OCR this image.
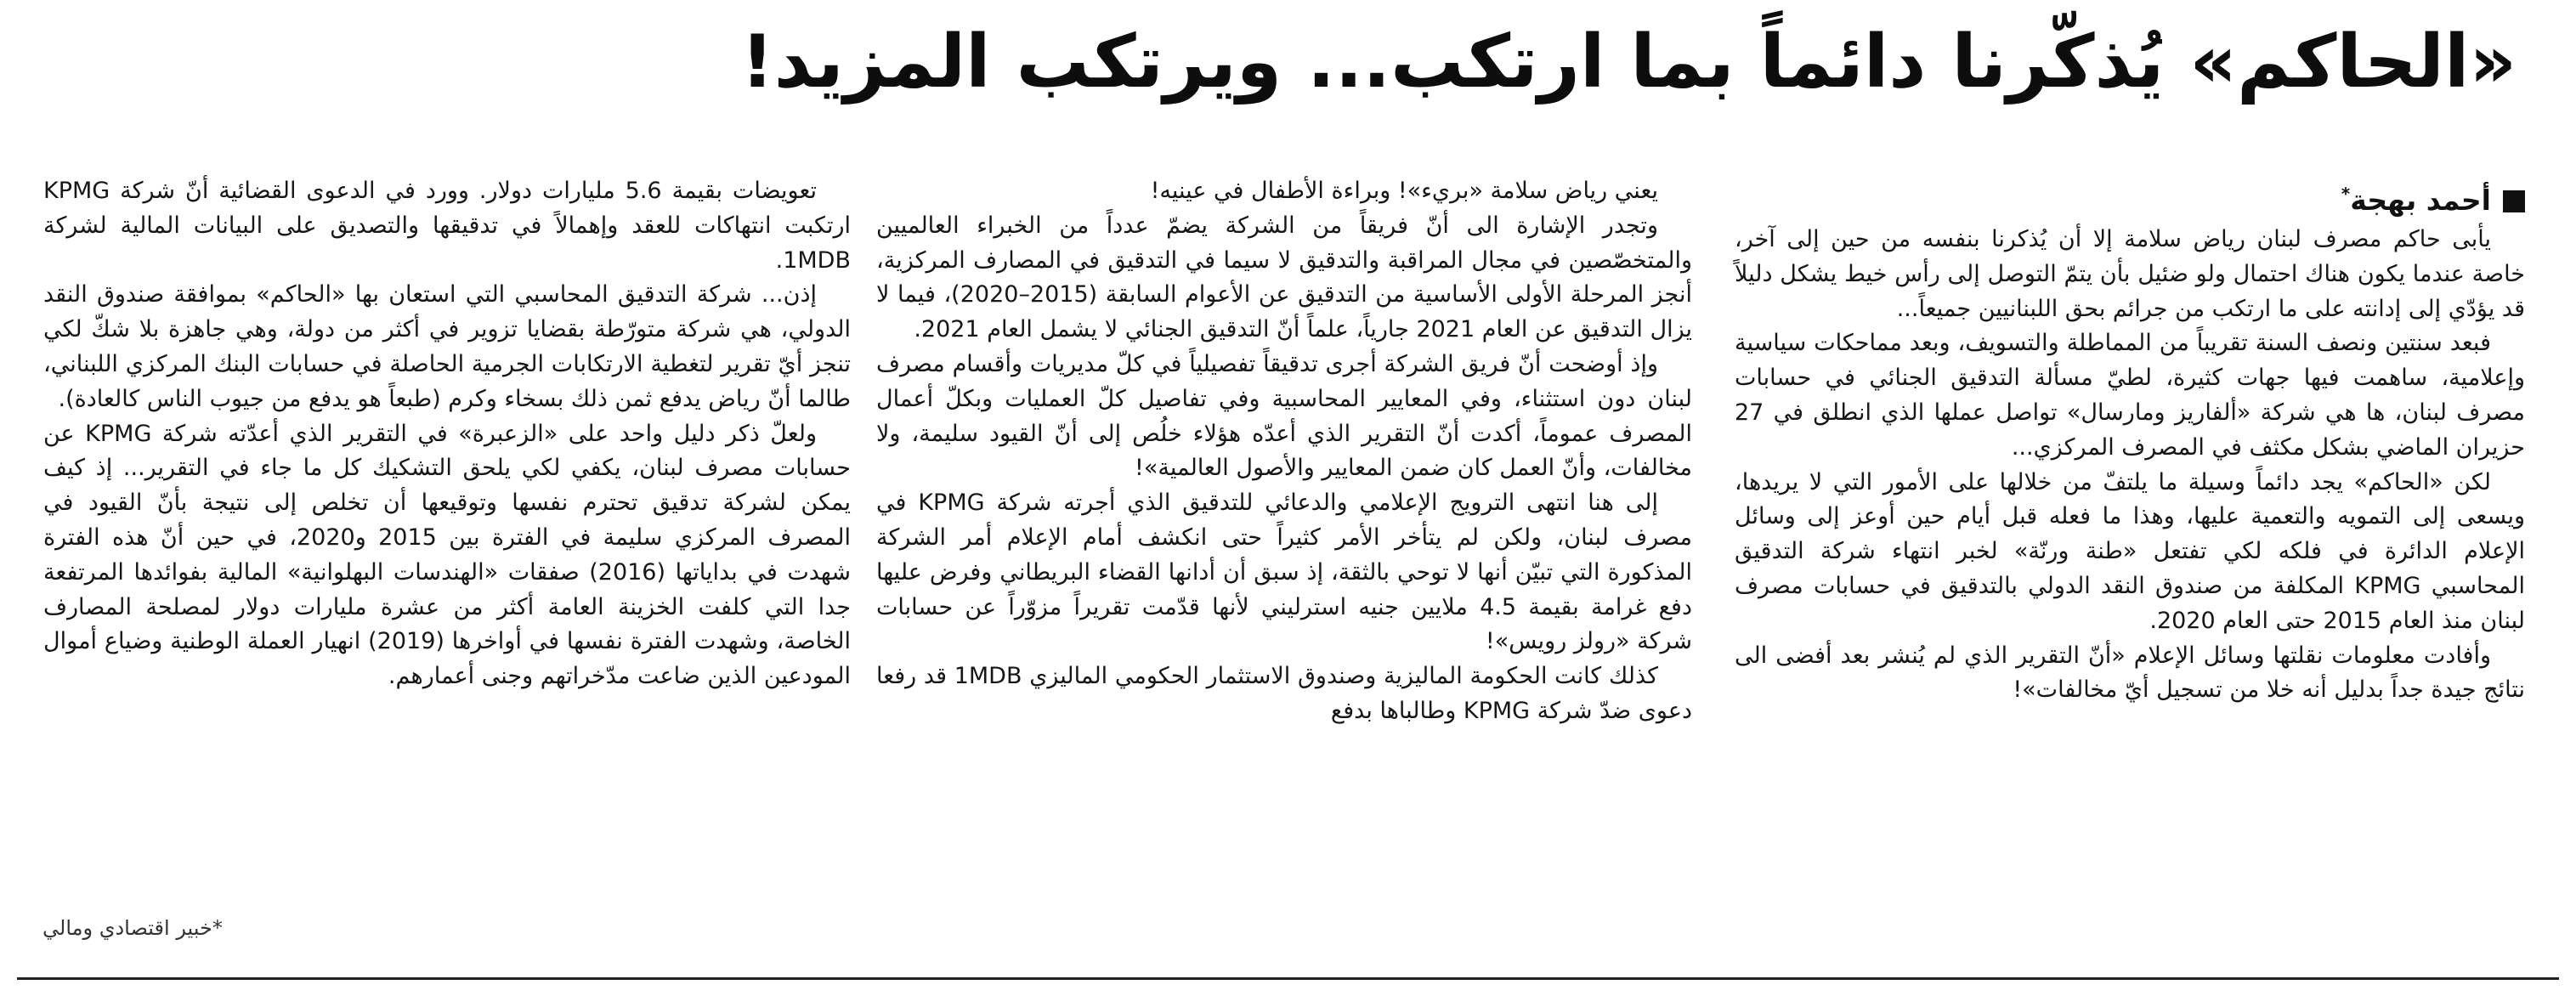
«الحاكم» يُذكّرنا دائماً بما ارتكب... ويرتكب المزيد!
أحمد بهجة*

يأبى حاكم مصرف لبنان رياض سلامة إلا أن يُذكرنا بنفسه من حين إلى آخر، خاصة عندما يكون هناك احتمال ولو ضئيل بأن يتمّ التوصل إلى رأس خيط يشكل دليلاً قد يؤدّي إلى إدانته على ما ارتكب من جرائم بحق اللبنانيين جميعاً...

فبعد سنتين ونصف السنة تقريباً من المماطلة والتسويف، وبعد مماحكات سياسية وإعلامية، ساهمت فيها جهات كثيرة، لطيّ مسألة التدقيق الجنائي في حسابات مصرف لبنان، ها هي شركة «ألفاريز ومارسال» تواصل عملها الذي انطلق في 27 حزيران الماضي بشكل مكثف في المصرف المركزي...

لكن «الحاكم» يجد دائماً وسيلة ما يلتفّ من خلالها على الأمور التي لا يريدها، ويسعى إلى التمويه والتعمية عليها، وهذا ما فعله قبل أيام حين أوعز إلى وسائل الإعلام الدائرة في فلكه لكي تفتعل «طنة ورنّة» لخبر انتهاء شركة التدقيق المحاسبي KPMG المكلفة من صندوق النقد الدولي بالتدقيق في حسابات مصرف لبنان منذ العام 2015 حتى العام 2020.

وأفادت معلومات نقلتها وسائل الإعلام «أنّ التقرير الذي لم يُنشر بعد أفضى الى نتائج جيدة جداً بدليل أنه خلا من تسجيل أيّ مخالفات»!

يعني رياض سلامة «بريء»! وبراءة الأطفال في عينيه!

وتجدر الإشارة الى أنّ فريقاً من الشركة يضمّ عدداً من الخبراء العالميين والمتخصّصين في مجال المراقبة والتدقيق لا سيما في التدقيق في المصارف المركزية، أنجز المرحلة الأولى الأساسية من التدقيق عن الأعوام السابقة (2015–2020)، فيما لا يزال التدقيق عن العام 2021 جارياً، علماً أنّ التدقيق الجنائي لا يشمل العام 2021.

وإذ أوضحت أنّ فريق الشركة أجرى تدقيقاً تفصيلياً في كلّ مديريات وأقسام مصرف لبنان دون استثناء، وفي المعايير المحاسبية وفي تفاصيل كلّ العمليات وبكلّ أعمال المصرف عموماً، أكدت أنّ التقرير الذي أعدّه هؤلاء خلُص إلى أنّ القيود سليمة، ولا مخالفات، وأنّ العمل كان ضمن المعايير والأصول العالمية»!

إلى هنا انتهى الترويج الإعلامي والدعائي للتدقيق الذي أجرته شركة KPMG في مصرف لبنان، ولكن لم يتأخر الأمر كثيراً حتى انكشف أمام الإعلام أمر الشركة المذكورة التي تبيّن أنها لا توحي بالثقة، إذ سبق أن أدانها القضاء البريطاني وفرض عليها دفع غرامة بقيمة 4.5 ملايين جنيه استرليني لأنها قدّمت تقريراً مزوّراً عن حسابات شركة «رولز رويس»!

كذلك كانت الحكومة الماليزية وصندوق الاستثمار الحكومي الماليزي 1MDB قد رفعا دعوى ضدّ شركة KPMG وطالباها بدفع

تعويضات بقيمة 5.6 مليارات دولار. وورد في الدعوى القضائية أنّ شركة KPMG ارتكبت انتهاكات للعقد وإهمالاً في تدقيقها والتصديق على البيانات المالية لشركة 1MDB.

إذن... شركة التدقيق المحاسبي التي استعان بها «الحاكم» بموافقة صندوق النقد الدولي، هي شركة متورّطة بقضايا تزوير في أكثر من دولة، وهي جاهزة بلا شكّ لكي تنجز أيّ تقرير لتغطية الارتكابات الجرمية الحاصلة في حسابات البنك المركزي اللبناني، طالما أنّ رياض يدفع ثمن ذلك بسخاء وكرم (طبعاً هو يدفع من جيوب الناس كالعادة).

ولعلّ ذكر دليل واحد على «الزعبرة» في التقرير الذي أعدّته شركة KPMG عن حسابات مصرف لبنان، يكفي لكي يلحق التشكيك كل ما جاء في التقرير... إذ كيف يمكن لشركة تدقيق تحترم نفسها وتوقيعها أن تخلص إلى نتيجة بأنّ القيود في المصرف المركزي سليمة في الفترة بين 2015 و2020، في حين أنّ هذه الفترة شهدت في بداياتها (2016) صفقات «الهندسات البهلوانية» المالية بفوائدها المرتفعة جدا التي كلفت الخزينة العامة أكثر من عشرة مليارات دولار لمصلحة المصارف الخاصة، وشهدت الفترة نفسها في أواخرها (2019) انهيار العملة الوطنية وضياع أموال المودعين الذين ضاعت مدّخراتهم وجنى أعمارهم.

*خبير اقتصادي ومالي
